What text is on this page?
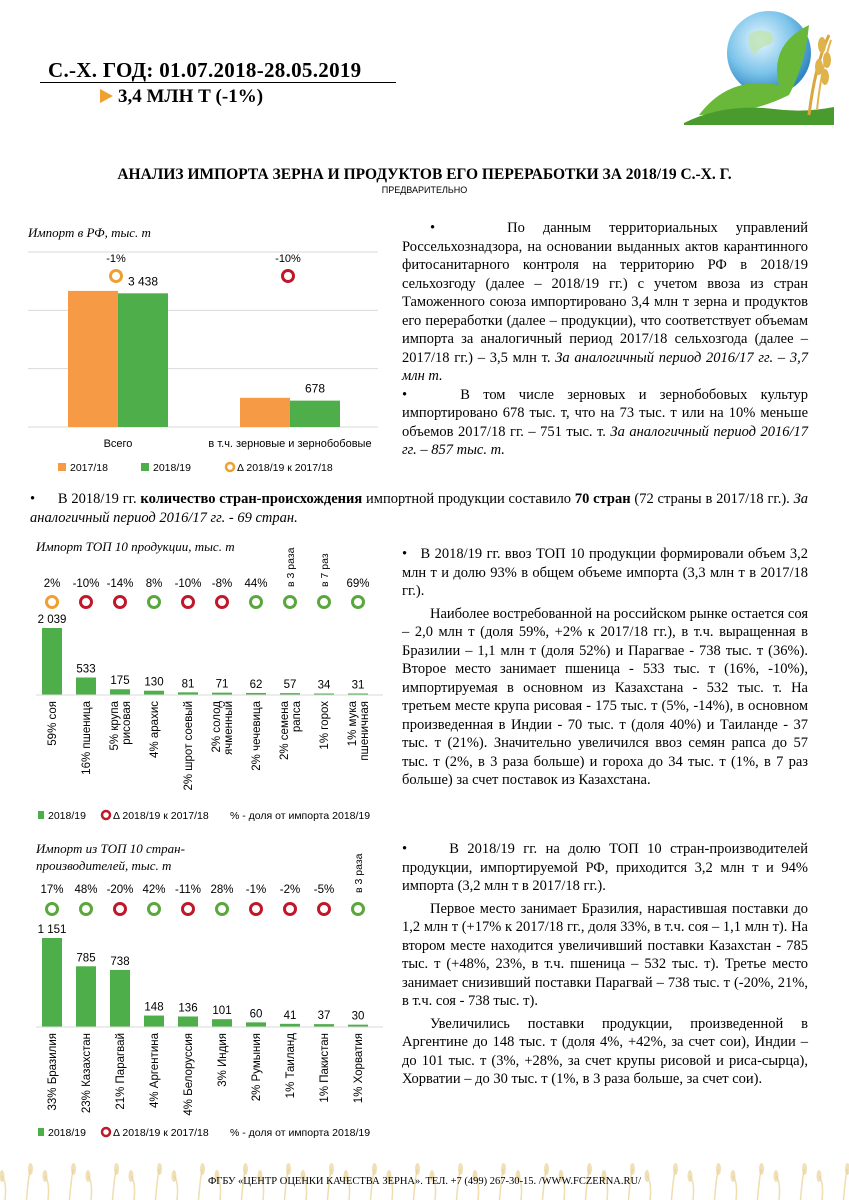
С.-Х. ГОД: 01.07.2018-28.05.2019
3,4 МЛН Т (-1%)
АНАЛИЗ ИМПОРТА ЗЕРНА И ПРОДУКТОВ ЕГО ПЕРЕРАБОТКИ ЗА 2018/19 С.-Х. Г.
ПРЕДВАРИТЕЛЬНО
Импорт в РФ, тыс. т
3 438
Всего
-1%
678
в т.ч. зерновые и зернобобовые
-10%
2017/18	2018/19	Δ 2018/19 к 2017/18

•    По данным территориальных управлений Россельхознадзора, на основании выданных актов карантинного фитосанитарного контроля на территорию РФ в 2018/19 сельхозгоду (далее – 2018/19 гг.) с учетом ввоза из стран Таможенного союза импортировано 3,4 млн т зерна и продуктов его переработки (далее – продукции), что соответствует объемам импорта за аналогичный период 2017/18 сельхозгода (далее – 2017/18 гг.) – 3,5 млн т. За аналогичный период 2016/17 гг. – 3,7 млн т.

•    В том числе зерновых и зернобобовых культур импортировано 678 тыс. т, что на 73 тыс. т или на 10% меньше объемов 2017/18 гг. – 751 тыс. т. За аналогичный период 2016/17 гг. – 857 тыс. т.

•      В 2018/19 гг. количество стран-происхождения импортной продукции составило 70 стран (72 страны в 2017/18 гг.). За аналогичный период 2016/17 гг. - 69 стран.

Импорт ТОП 10 продукции, тыс. т
2 039
2%
59% соя
533
-10%
16% пшеница
175
-14%
5% крупа рисовая
130
8%
4% арахис
81
-10%
2% шрот соевый
71
-8%
2% солод ячменный
62
44%
2% чечевица
57
в 3 раза
2% семена рапса
34
в 7 раз
1% горох
31
69%
1% мука пшеничная
2018/19	Δ 2018/19 к 2017/18 % - доля от импорта 2018/19

•   В 2018/19 гг. ввоз ТОП 10 продукции формировали объем 3,2 млн т и долю 93% в общем объеме импорта (3,3 млн т в 2017/18 гг.).

Наиболее востребованной на российском рынке остается соя – 2,0 млн т (доля 59%, +2% к 2017/18 гг.), в т.ч. выращенная в Бразилии – 1,1 млн т (доля 52%) и Парагвае - 738 тыс. т (36%). Второе место занимает пшеница - 533 тыс. т (16%, -10%), импортируемая в основном из Казахстана - 532 тыс. т. На третьем месте крупа рисовая - 175 тыс. т (5%, -14%), в основном произведенная в Индии - 70 тыс. т (доля 40%) и Таиланде - 37 тыс. т (21%). Значительно увеличился ввоз семян рапса до 57 тыс. т (2%, в 3 раза больше) и гороха до 34 тыс. т (1%, в 7 раз больше) за счет поставок из Казахстана.

Импорт из ТОП 10 стран-производителей, тыс. т
1 151
17%
33% Бразилия
785
48%
23% Казахстан
738
-20%
21% Парагвай
148
42%
4% Аргентина
136
-11%
4% Белоруссия
101
28%
3% Индия
60
-1%
2% Румыния
41
-2%
1% Таиланд
37
-5%
1% Пакистан
30
в 3 раза
1% Хорватия
2018/19	Δ 2018/19 к 2017/18 % - доля от импорта 2018/19

•     В 2018/19 гг. на долю ТОП 10 стран-производителей продукции, импортируемой РФ, приходится 3,2 млн т и 94% импорта (3,2 млн т в 2017/18 гг.).

Первое место занимает Бразилия, нарастившая поставки до 1,2 млн т (+17% к 2017/18 гг., доля 33%, в т.ч. соя – 1,1 млн т). На втором месте находится увеличивший поставки Казахстан - 785 тыс. т (+48%, 23%, в т.ч. пшеница – 532 тыс. т). Третье место занимает снизивший поставки Парагвай – 738 тыс. т (-20%, 21%, в т.ч. соя - 738 тыс. т).

Увеличились поставки продукции, произведенной в Аргентине до 148 тыс. т (доля 4%, +42%, за счет сои), Индии – до 101 тыс. т (3%, +28%, за счет крупы рисовой и риса-сырца), Хорватии – до 30 тыс. т (1%, в 3 раза больше, за счет сои).

ФГБУ «ЦЕНТР ОЦЕНКИ КАЧЕСТВА ЗЕРНА». ТЕЛ. +7 (499) 267-30-15. /WWW.FCZERNA.RU/
